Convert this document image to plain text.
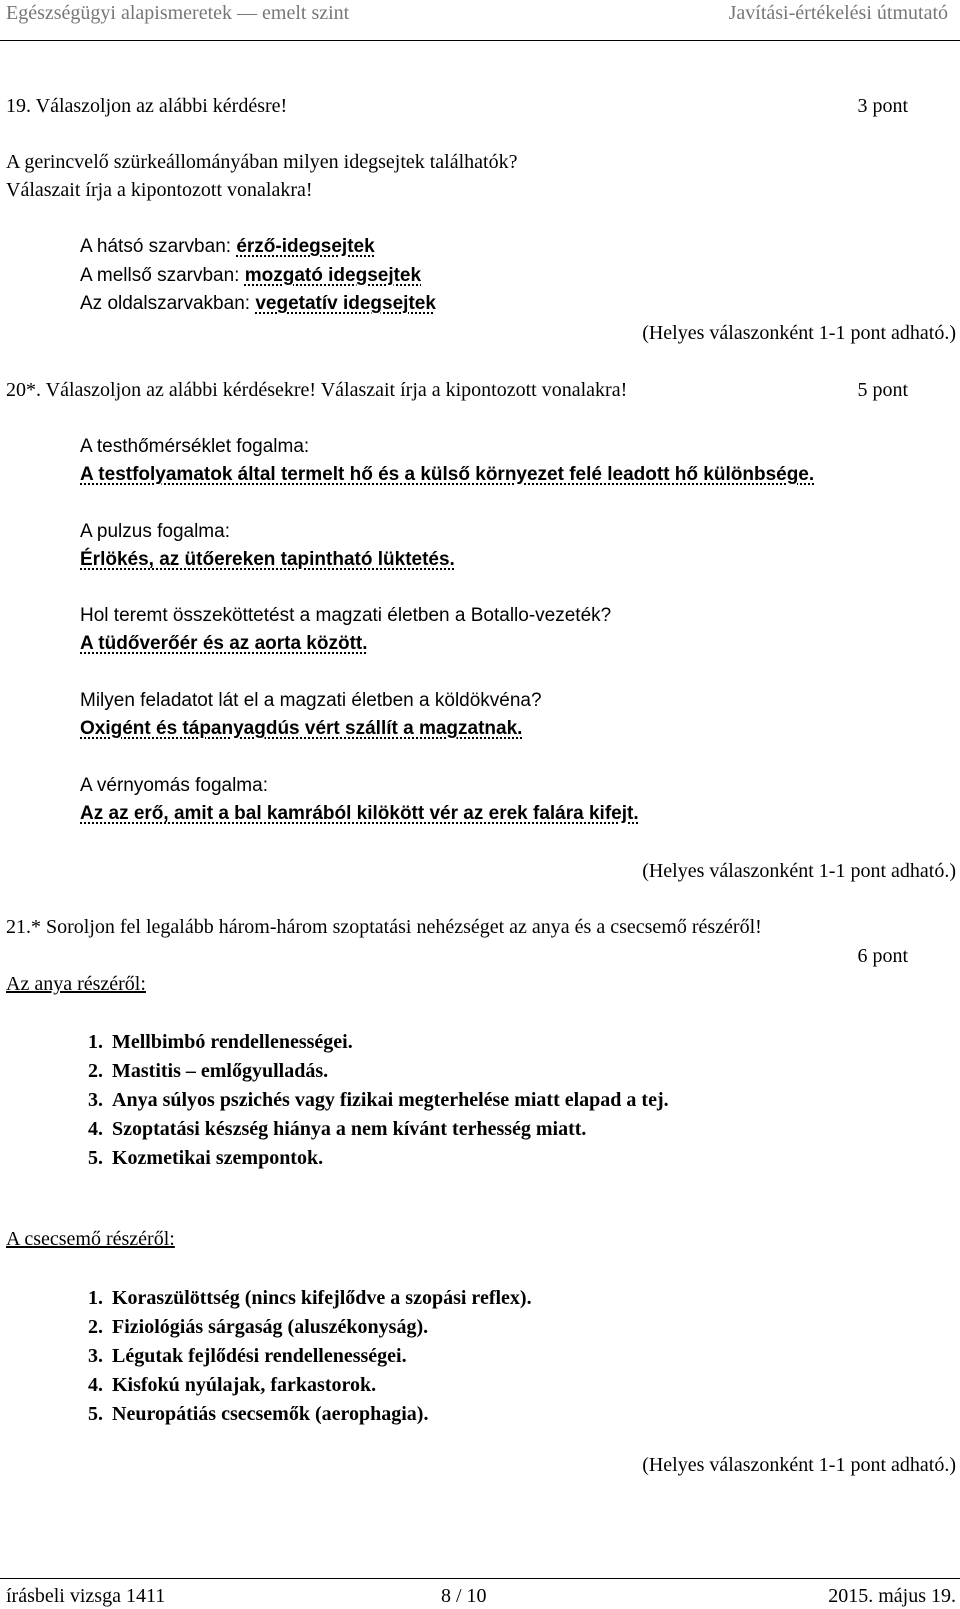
Egészségügyi alapismeretek — emelt szint	Javítási-értékelési útmutató
19. Válaszoljon az alábbi kérdésre!	3 pont
A gerincvelő szürkeállományában milyen idegsejtek találhatók?
Válaszait írja a kipontozott vonalakra!
A hátsó szarvban: érző-idegsejtek
A mellső szarvban: mozgató idegsejtek
Az oldalszarvakban: vegetatív idegsejtek
(Helyes válaszonként 1-1 pont adható.)
20*. Válaszoljon az alábbi kérdésekre! Válaszait írja a kipontozott vonalakra!	5 pont
A testhőmérséklet fogalma:
A testfolyamatok által termelt hő és a külső környezet felé leadott hő különbsége.
A pulzus fogalma:
Érlökés, az ütőereken tapintható lüktetés.
Hol teremt összeköttetést a magzati életben a Botallo-vezeték?
A tüdőverőér és az aorta között.
Milyen feladatot lát el a magzati életben a köldökvéna?
Oxigént és tápanyagdús vért szállít a magzatnak.
A vérnyomás fogalma:
Az az erő, amit a bal kamrából kilökött vér az erek falára kifejt.
(Helyes válaszonként 1-1 pont adható.)
21.* Soroljon fel legalább három-három szoptatási nehézséget az anya és a csecsemő részéről!
6 pont
Az anya részéről:
1. Mellbimbó rendellenességei.
2. Mastitis – emlőgyulladás.
3. Anya súlyos pszichés vagy fizikai megterhelése miatt elapad a tej.
4. Szoptatási készség hiánya a nem kívánt terhesség miatt.
5. Kozmetikai szempontok.
A csecsemő részéről:
1. Koraszülöttség (nincs kifejlődve a szopási reflex).
2. Fiziológiás sárgaság (aluszékonyság).
3. Légutak fejlődési rendellenességei.
4. Kisfokú nyúlajak, farkastorok.
5. Neuropátiás csecsemők (aerophagia).
(Helyes válaszonként 1-1 pont adható.)
írásbeli vizsga 1411	8 / 10	2015. május 19.
